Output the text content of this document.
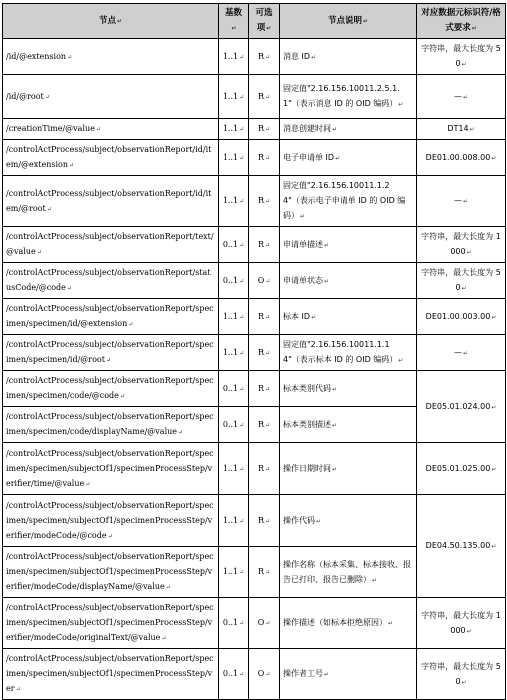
节点↵	基数↵	可选项↵	节点说明↵	对应数据元标识符/格式要求↵
/id/@extension↵	1..1↵	R↵	消息 ID↵	字符串，最大长度为 50↵
/id/@root↵	1..1↵	R↵	固定值"2.16.156.10011.2.5.1.1"（表示消息 ID 的 OID 编码）↵	—↵
/creationTime/@value↵	1..1↵	R↵	消息创建时间↵	DT14↵
/controlActProcess/subject/observationReport/id/item/@extension↵	1..1↵	R↵	电子申请单 ID↵	DE01.00.008.00↵
/controlActProcess/subject/observationReport/id/item/@root↵	1..1↵	R↵	固定值"2.16.156.10011.1.24"（表示电子申请单 ID 的 OID 编码）↵	—↵
/controlActProcess/subject/observationReport/text/@value↵	0..1↵	R↵	申请单描述↵	字符串，最大长度为 1000↵
/controlActProcess/subject/observationReport/statusCode/@code↵	0..1↵	O↵	申请单状态↵	字符串，最大长度为 50↵
/controlActProcess/subject/observationReport/specimen/specimen/id/@extension↵	1..1↵	R↵	标本 ID↵	DE01.00.003.00↵
/controlActProcess/subject/observationReport/specimen/specimen/id/@root↵	1..1↵	R↵	固定值"2.16.156.10011.1.14"（表示标本 ID 的 OID 编码）↵	—↵
/controlActProcess/subject/observationReport/specimen/specimen/code/@code↵	0..1↵	R↵	标本类别代码↵	DE05.01.024.00↵
/controlActProcess/subject/observationReport/specimen/specimen/code/displayName/@value↵	0..1↵	R↵	标本类别描述↵	
/controlActProcess/subject/observationReport/specimen/specimen/subjectOf1/specimenProcessStep/verifier/time/@value↵	1..1↵	R↵	操作日期时间↵	DE05.01.025.00↵
/controlActProcess/subject/observationReport/specimen/specimen/subjectOf1/specimenProcessStep/verifier/modeCode/@code↵	1..1↵	R↵	操作代码↵	DE04.50.135.00↵
/controlActProcess/subject/observationReport/specimen/specimen/subjectOf1/specimenProcessStep/verifier/modeCode/displayName/@value↵	1..1↵	R↵	操作名称（标本采集、标本接收、报告已打印、报告已删除）↵	
/controlActProcess/subject/observationReport/specimen/specimen/subjectOf1/specimenProcessStep/verifier/modeCode/originalText/@value↵	0..1↵	O↵	操作描述（如标本拒绝原因）↵	字符串，最大长度为 1000↵
/controlActProcess/subject/observationReport/specimen/specimen/subjectOf1/specimenProcessStep/ver↵	0..1↵	O↵	操作者工号↵	字符串，最大长度为 50↵
